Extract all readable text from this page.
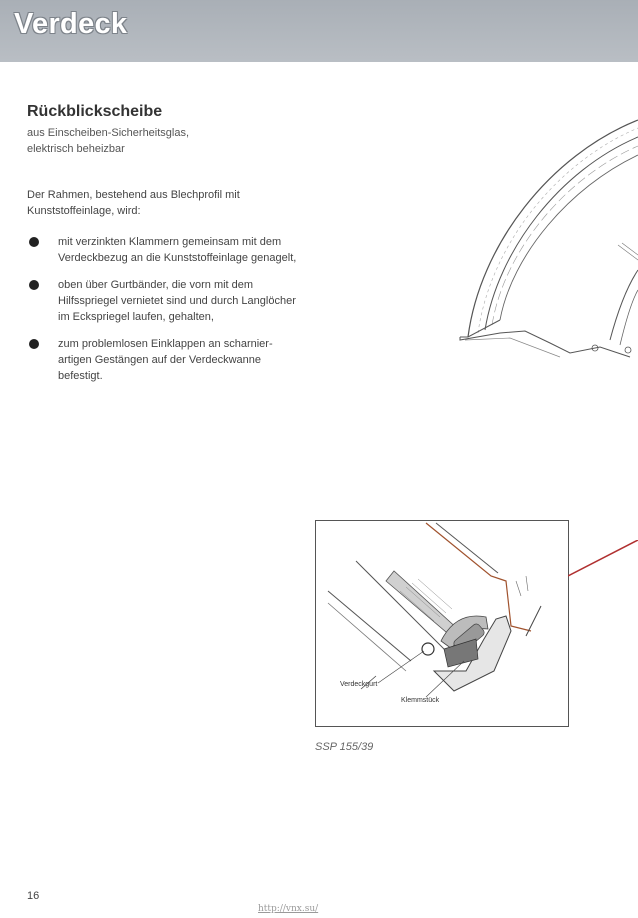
Verdeck
Rückblickscheibe
aus Einscheiben-Sicherheitsglas,
elektrisch beheizbar
Der Rahmen, bestehend aus Blechprofil mit
Kunststoffeinlage, wird:
mit verzinkten Klammern gemeinsam mit dem
Verdeckbezug an die Kunststoffeinlage genagelt,
oben über Gurtbänder, die vorn mit dem
Hilfsspriegel vernietet sind und durch Langlöcher
im Eckspriegel laufen, gehalten,
zum problemlosen Einklappen an scharnier-
artigen Gestängen auf der Verdeckwanne
befestigt.
Verdeckgurt
Klemmstück
SSP 155/39
16
http://vnx.su/
